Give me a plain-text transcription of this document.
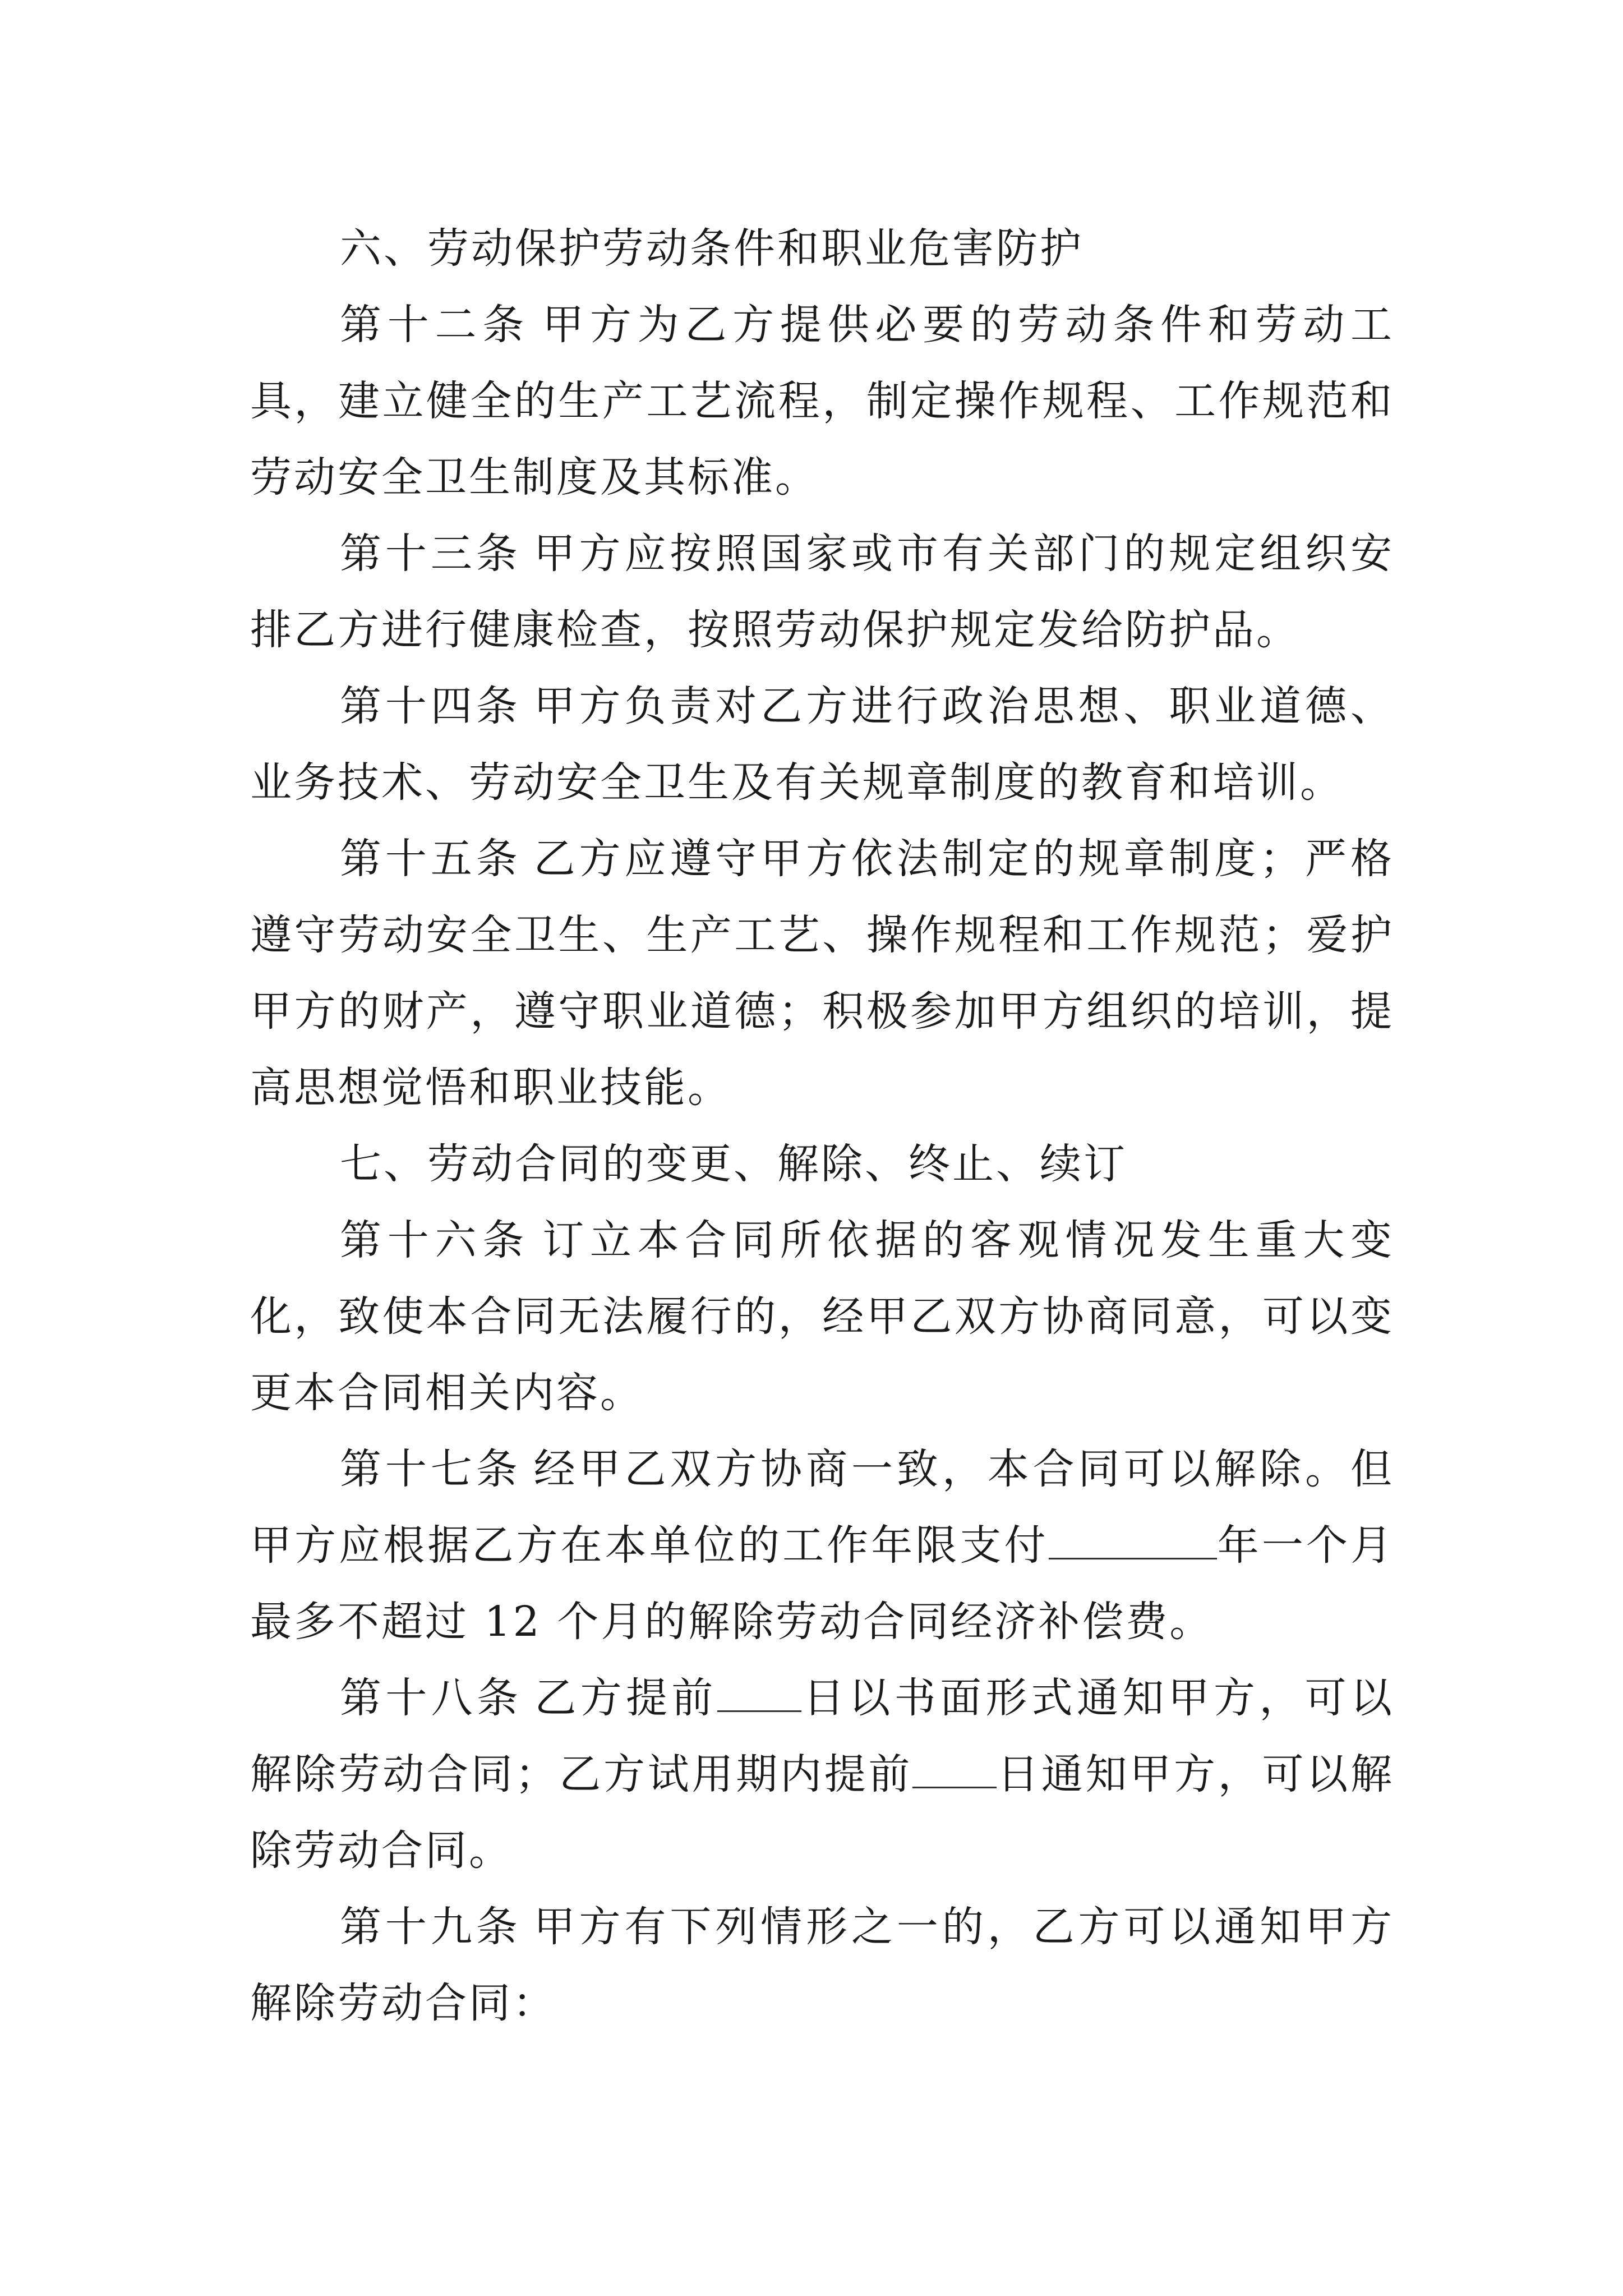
六、劳动保护劳动条件和职业危害防护

第十二条 甲方为乙方提供必要的劳动条件和劳动工具，建立健全的生产工艺流程，制定操作规程、工作规范和劳动安全卫生制度及其标准。

第十三条 甲方应按照国家或市有关部门的规定组织安排乙方进行健康检查，按照劳动保护规定发给防护品。

第十四条 甲方负责对乙方进行政治思想、职业道德、业务技术、劳动安全卫生及有关规章制度的教育和培训。

第十五条 乙方应遵守甲方依法制定的规章制度；严格遵守劳动安全卫生、生产工艺、操作规程和工作规范；爱护甲方的财产，遵守职业道德；积极参加甲方组织的培训，提高思想觉悟和职业技能。

七、劳动合同的变更、解除、终止、续订

第十六条 订立本合同所依据的客观情况发生重大变化，致使本合同无法履行的，经甲乙双方协商同意，可以变更本合同相关内容。

第十七条 经甲乙双方协商一致，本合同可以解除。但甲方应根据乙方在本单位的工作年限支付	年一个月最多不超过 12 个月的解除劳动合同经济补偿费。

第十八条 乙方提前 日以书面形式通知甲方，可以解除劳动合同；乙方试用期内提前 日通知甲方，可以解除劳动合同。

第十九条 甲方有下列情形之一的，乙方可以通知甲方解除劳动合同：
